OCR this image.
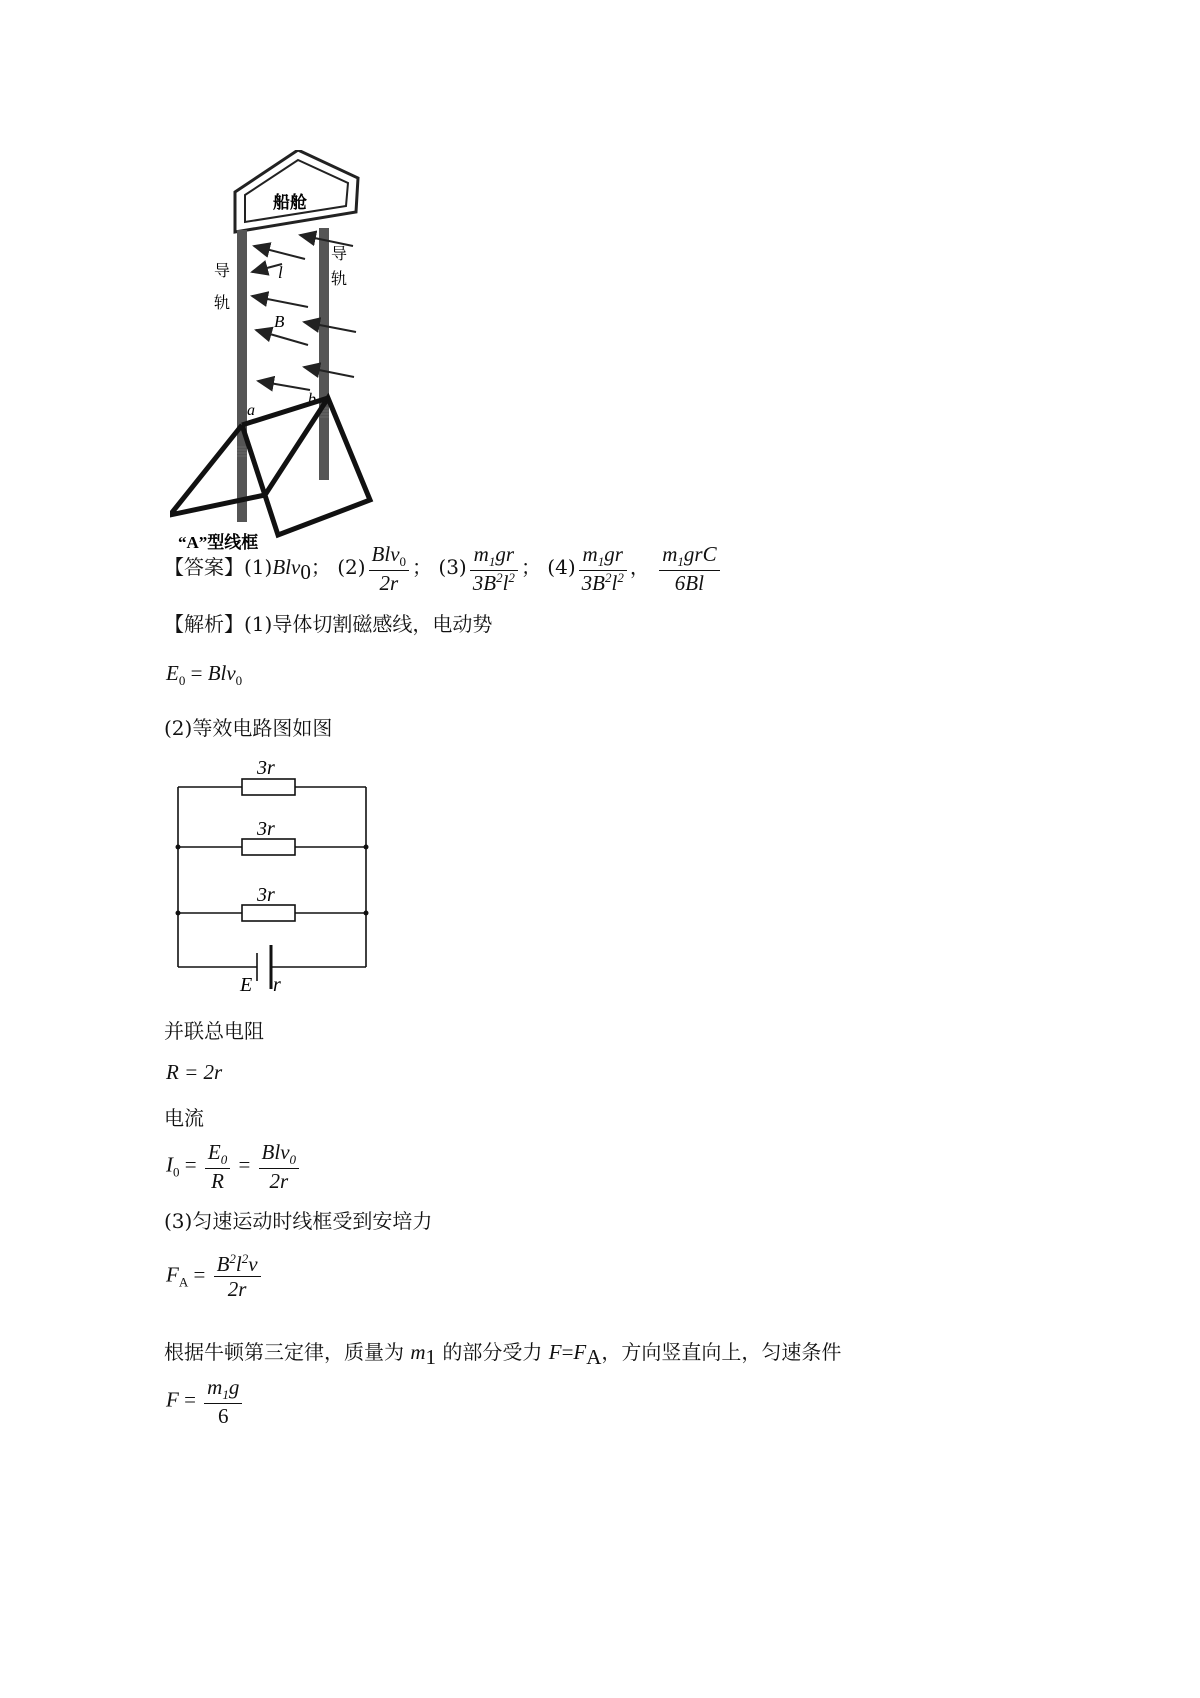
船舱
l
B
a
b
导
轨
导
轨
“A”型线框
【答案】(1)Blv$_0$； $(2) \frac{Blv_0}{2r}$ ； $(3) \frac{m_1gr}{3B^2l^2}$ ； $(4) \frac{m_1gr}{3B^2l^2}$ ， $\frac{m_1grC}{6Bl}$
【解析】(1)导体切割磁感线，电动势
$E_0 = Blv_0$
(2)等效电路图如图
3r
3r
3r
E r
并联总电阻
R = 2r
电流
$I_0 = \frac{E_0}{R} = \frac{Blv_0}{2r}$
(3)匀速运动时线框受到安培力
$F_A = \frac{B^2l^2v}{2r}$
根据牛顿第三定律，质量为 $m_1$ 的部分受力 $F=F_A$，方向竖直向上，匀速条件
$F = \frac{m_1g}{6}$
